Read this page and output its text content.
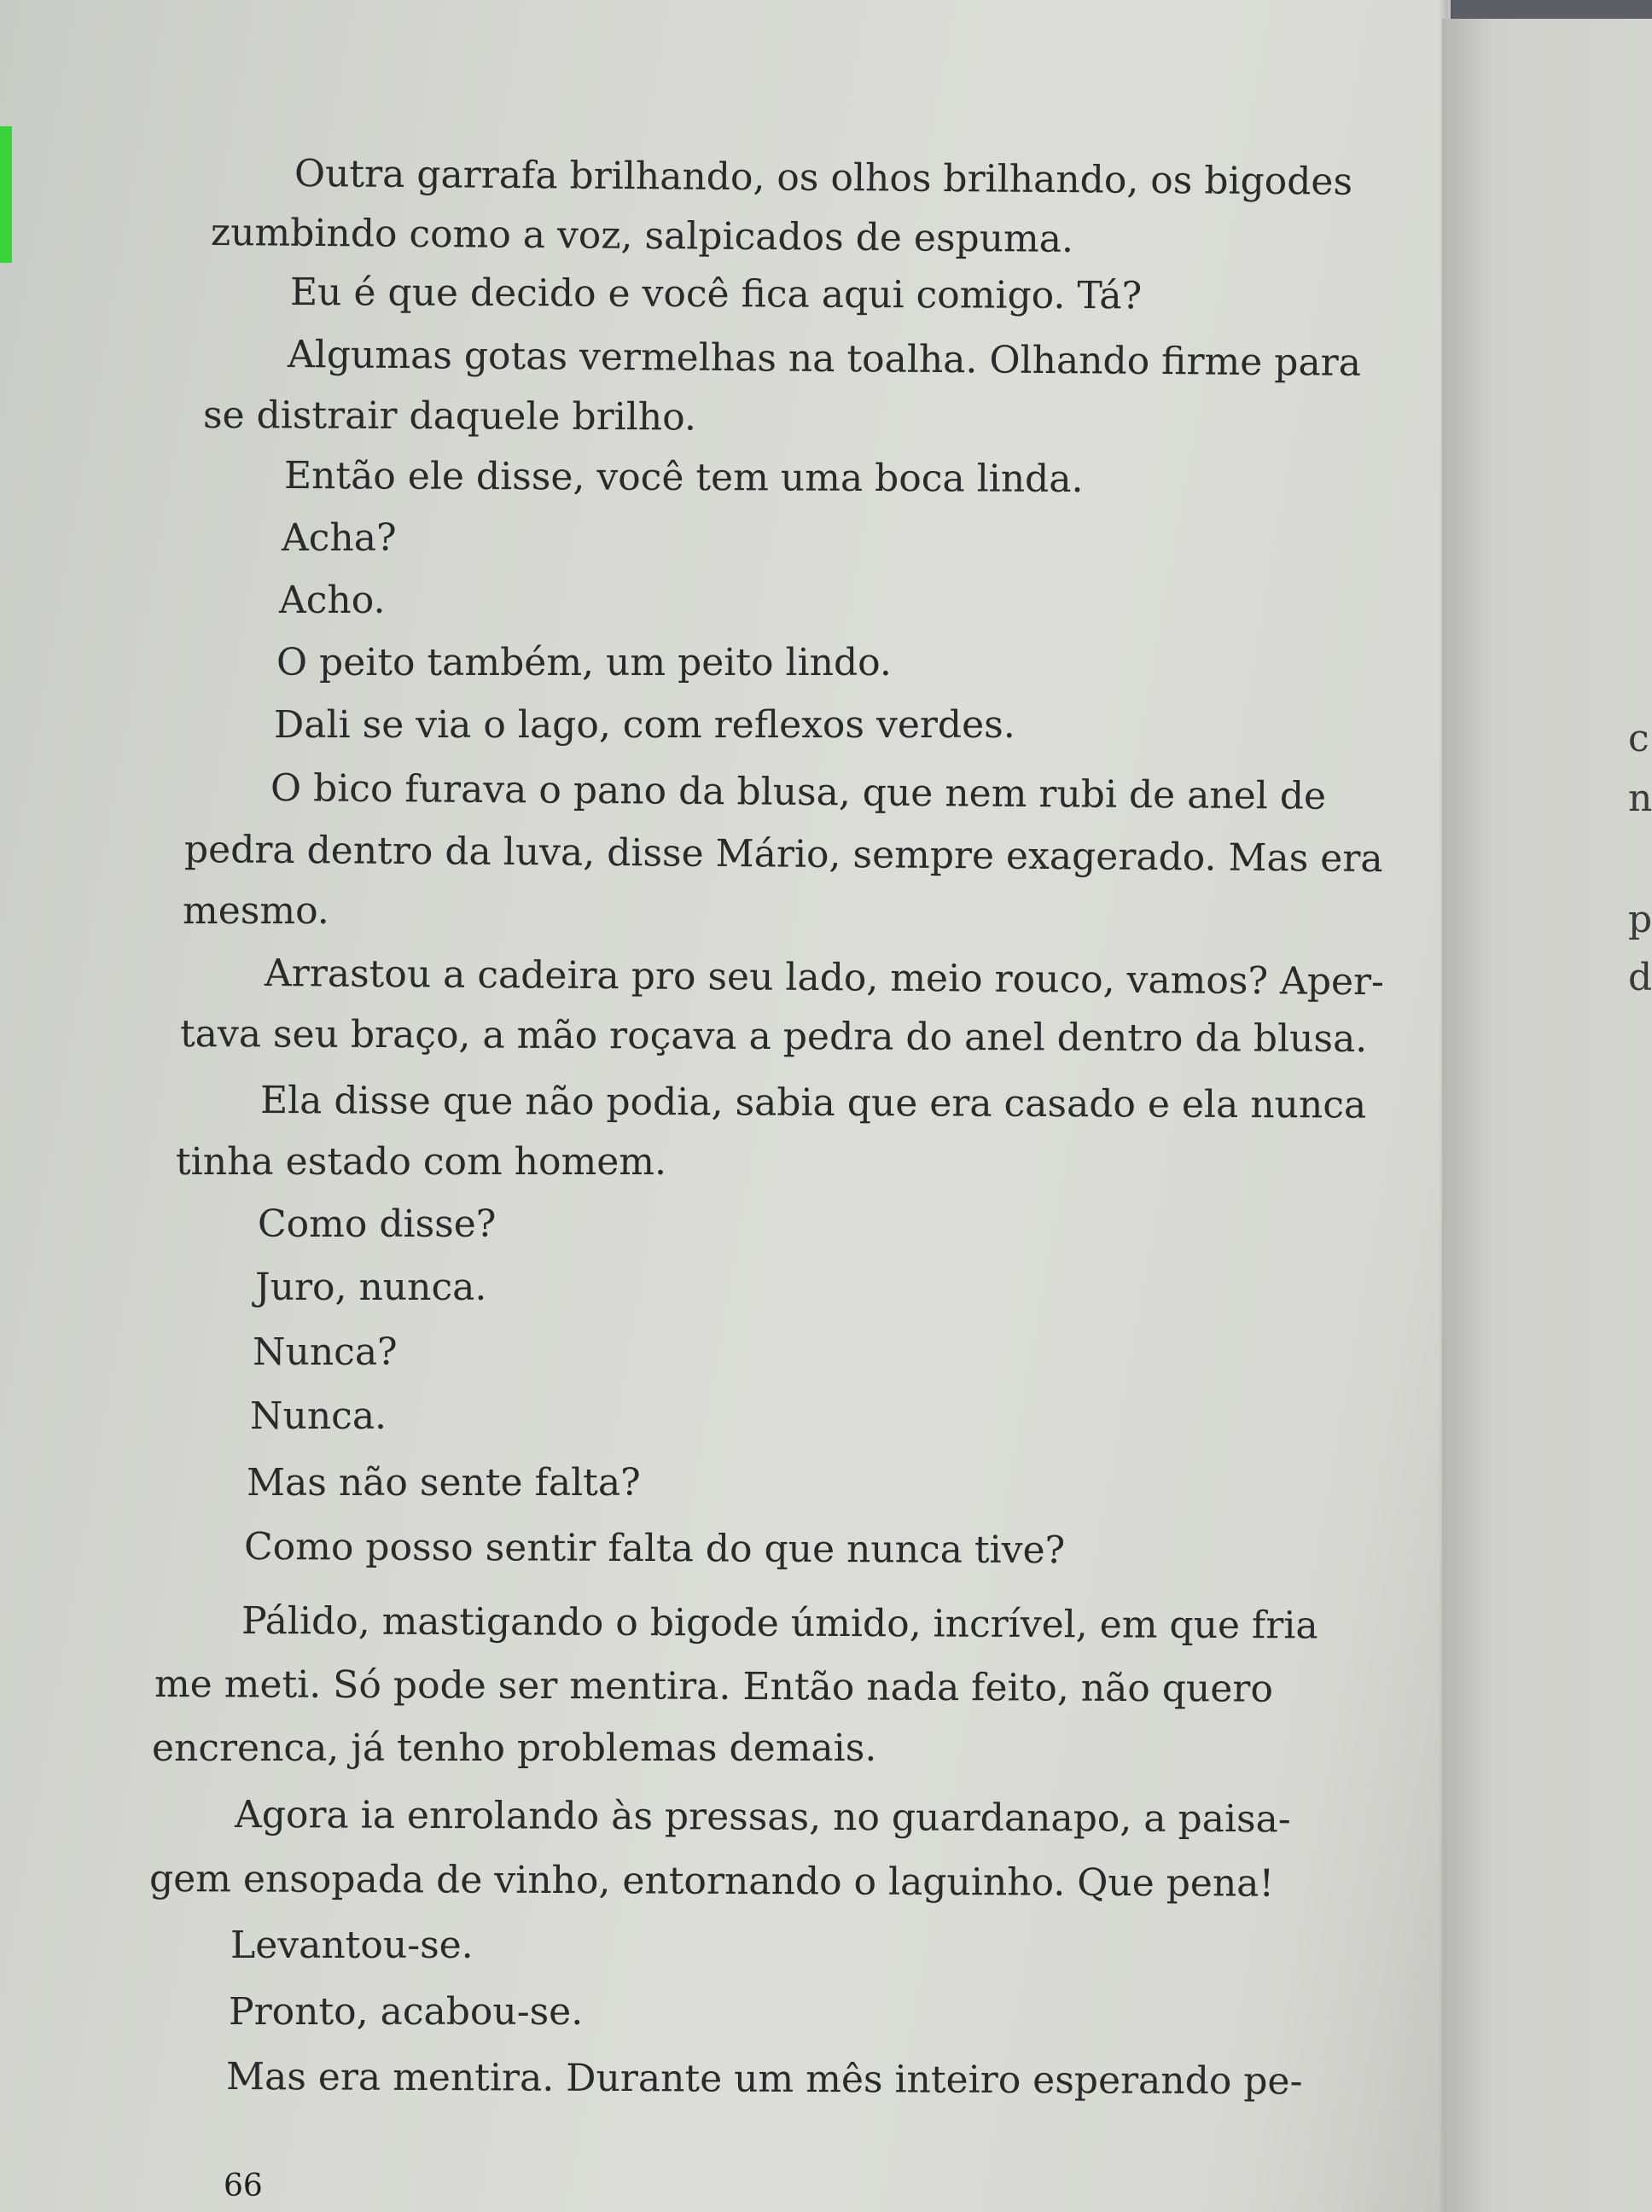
Outra garrafa brilhando, os olhos brilhando, os bigodes

zumbindo como a voz, salpicados de espuma.

Eu é que decido e você fica aqui comigo. Tá?

Algumas gotas vermelhas na toalha. Olhando firme para

se distrair daquele brilho.

Então ele disse, você tem uma boca linda.

Acha?

Acho.

O peito também, um peito lindo.

Dali se via o lago, com reflexos verdes.

O bico furava o pano da blusa, que nem rubi de anel de

pedra dentro da luva, disse Mário, sempre exagerado. Mas era

mesmo.

Arrastou a cadeira pro seu lado, meio rouco, vamos? Aper-

tava seu braço, a mão roçava a pedra do anel dentro da blusa.

Ela disse que não podia, sabia que era casado e ela nunca

tinha estado com homem.

Como disse?

Juro, nunca.

Nunca?

Nunca.

Mas não sente falta?

Como posso sentir falta do que nunca tive?

Pálido, mastigando o bigode úmido, incrível, em que fria

me meti. Só pode ser mentira. Então nada feito, não quero

encrenca, já tenho problemas demais.

Agora ia enrolando às pressas, no guardanapo, a paisa-

gem ensopada de vinho, entornando o laguinho. Que pena!

Levantou-se.

Pronto, acabou-se.

Mas era mentira. Durante um mês inteiro esperando pe-

66

c

n

p

d
